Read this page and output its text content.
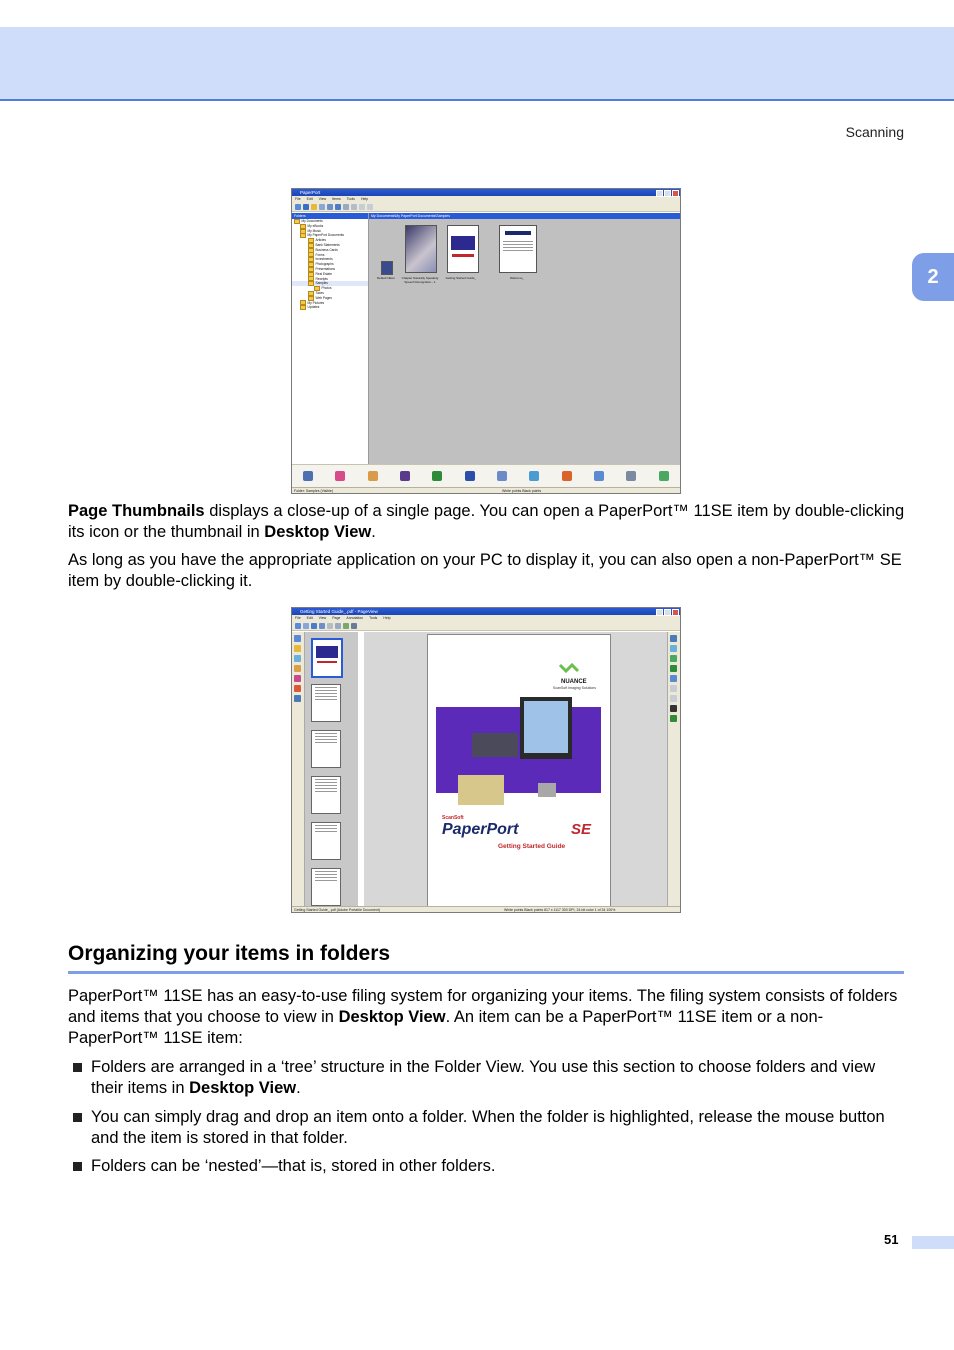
Scanning
2
PaperPort
File Edit View Items Tools Help
Folders
My Documents
My eBooks
My Music
My PaperPort Documents
Articles
Bank Statements
Business Cards
Forms
Investments
Photographs
Presentations
Real Estate
Receipts
Samples
Photos
Taxes
Web Pages
My Pictures
Updates
My Documents\My PaperPort Documents\Samples
Default Nikon	Chapter Naturally Speaking Speech Recognition - 1
Getting Started Guide_	Welcome_
Folder: Samples (Visible)	White points Black points

Page Thumbnails displays a close-up of a single page. You can open a PaperPort™ 11SE item by double-clicking its icon or the thumbnail in Desktop View.

As long as you have the appropriate application on your PC to display it, you can also open a non-PaperPort™ SE item by double-clicking it.

Getting Started Guide_.pdf - PageView
File Edit View Page Annotation Tools Help
NUANCE
ScanSoft Imaging Solutions
ScanSoft
PaperPort	SE
Getting Started Guide
Getting Started Guide_.pdf (Adobe Portable Document)	White points Black points 817 x 1117 300 DPI, 24-bit color 1 of 34 100%
Organizing your items in folders

PaperPort™ 11SE has an easy-to-use filing system for organizing your items. The filing system consists of folders and items that you choose to view in Desktop View. An item can be a PaperPort™ 11SE item or a non-PaperPort™ 11SE item:

Folders are arranged in a ‘tree’ structure in the Folder View. You use this section to choose folders and view their items in Desktop View.
You can simply drag and drop an item onto a folder. When the folder is highlighted, release the mouse button and the item is stored in that folder.
Folders can be ‘nested’—that is, stored in other folders.
51
